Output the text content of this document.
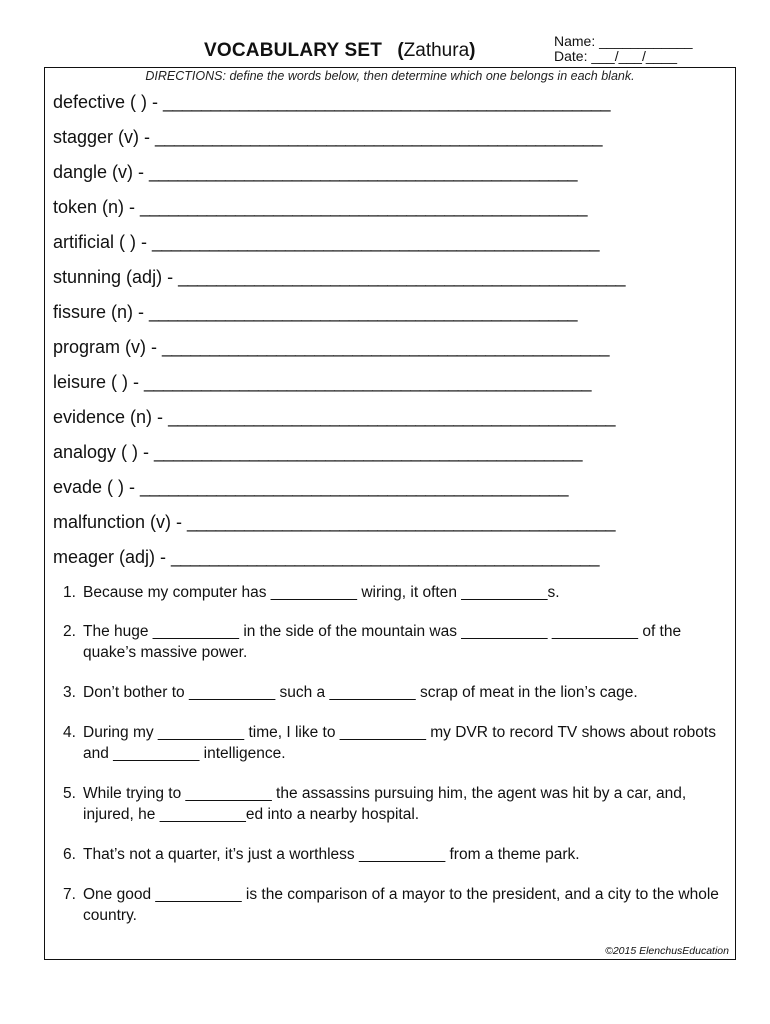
VOCABULARY SET (Zathura)	Name: ____________
Date: ___/___/____
DIRECTIONS: define the words below, then determine which one belongs in each blank.
defective ( ) - _______________________________________________
stagger (v) - _______________________________________________
dangle (v) - _____________________________________________
token (n) - _______________________________________________
artificial ( ) - _______________________________________________
stunning (adj) - _______________________________________________
fissure (n) - _____________________________________________
program (v) - _______________________________________________
leisure ( ) - _______________________________________________
evidence (n) - _______________________________________________
analogy ( ) - _____________________________________________
evade ( ) - _____________________________________________
malfunction (v) - _____________________________________________
meager (adj) - _____________________________________________
1. Because my computer has __________ wiring, it often __________s.
2. The huge __________ in the side of the mountain was __________ __________ of the quake’s massive power.
3. Don’t bother to __________ such a __________ scrap of meat in the lion’s cage.
4. During my __________ time, I like to __________ my DVR to record TV shows about robots and __________ intelligence.
5. While trying to __________ the assassins pursuing him, the agent was hit by a car, and, injured, he __________ed into a nearby hospital.
6. That’s not a quarter, it’s just a worthless __________ from a theme park.
7. One good __________ is the comparison of a mayor to the president, and a city to the whole country.
©2015 ElenchusEducation
